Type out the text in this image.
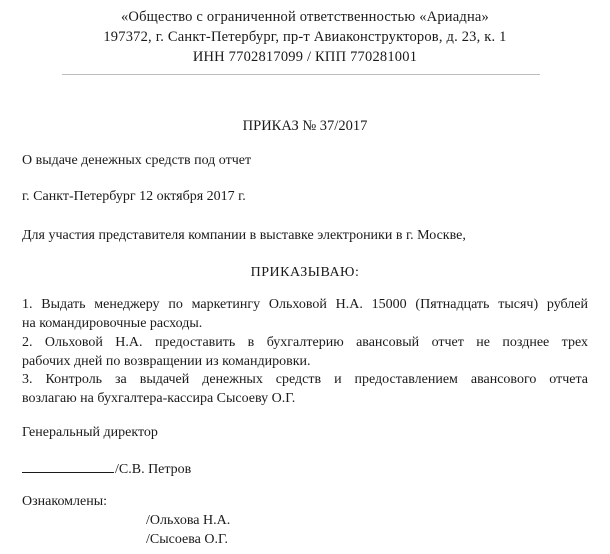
«Общество с ограниченной ответственностью «Ариадна»
197372, г. Санкт-Петербург, пр-т Авиаконструкторов, д. 23, к. 1
ИНН 7702817099 / КПП 770281001
ПРИКАЗ № 37/2017
О выдаче денежных средств под отчет
г. Санкт-Петербург 12 октября 2017 г.
Для участия представителя компании в выставке электроники в г. Москве,
ПРИКАЗЫВАЮ:
1. Выдать менеджеру по маркетингу Ольховой Н.А. 15000 (Пятнадцать тысяч) рублей
на командировочные расходы.
2. Ольховой Н.А. предоставить в бухгалтерию авансовый отчет не позднее трех
рабочих дней по возвращении из командировки.
3. Контроль за выдачей денежных средств и предоставлением авансового отчета
возлагаю на бухгалтера-кассира Сысоеву О.Г.
Генеральный директор
/С.В. Петров
Ознакомлены:
/Ольхова Н.А.
/Сысоева О.Г.
